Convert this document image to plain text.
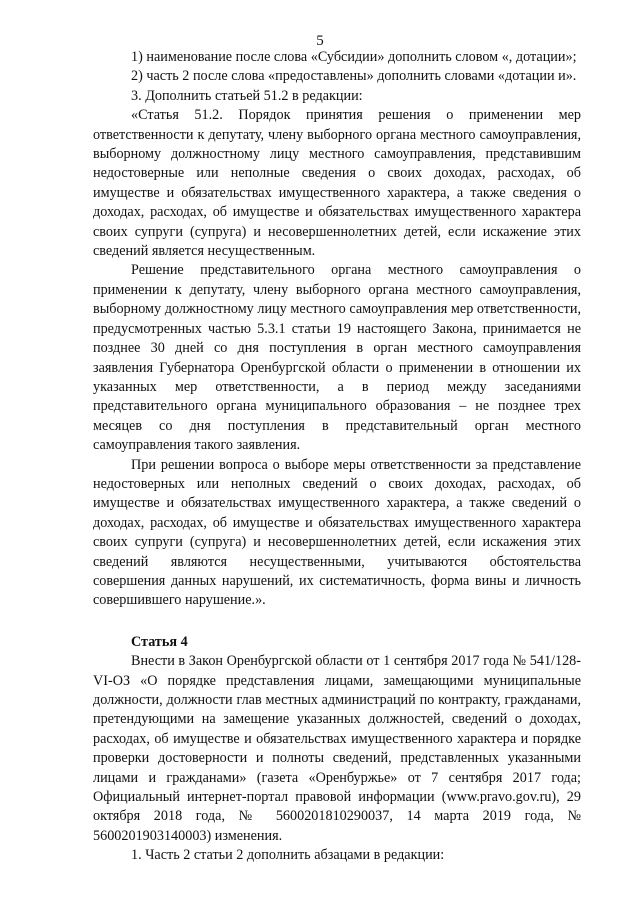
5

1) наименование после слова «Субсидии» дополнить словом «, дотации»;

2) часть 2 после слова «предоставлены» дополнить словами «дотации и».

3. Дополнить статьей 51.2 в редакции:

«Статья 51.2. Порядок принятия решения о применении мер ответственности к депутату, члену выборного органа местного самоуправления, выборному должностному лицу местного самоуправления, представившим недостоверные или неполные сведения о своих доходах, расходах, об имуществе и обязательствах имущественного характера, а также сведения о доходах, расходах, об имуществе и обязательствах имущественного характера своих супруги (супруга) и несовершеннолетних детей, если искажение этих сведений является несущественным.

Решение представительного органа местного самоуправления о применении к депутату, члену выборного органа местного самоуправления, выборному должностному лицу местного самоуправления мер ответственности, предусмотренных частью 5.3.1 статьи 19 настоящего Закона, принимается не позднее 30 дней со дня поступления в орган местного самоуправления заявления Губернатора Оренбургской области о применении в отношении их указанных мер ответственности, а в период между заседаниями представительного органа муниципального образования – не позднее трех месяцев со дня поступления в представительный орган местного самоуправления такого заявления.

При решении вопроса о выборе меры ответственности за представление недостоверных или неполных сведений о своих доходах, расходах, об имуществе и обязательствах имущественного характера, а также сведений о доходах, расходах, об имуществе и обязательствах имущественного характера своих супруги (супруга) и несовершеннолетних детей, если искажения этих сведений являются несущественными, учитываются обстоятельства совершения данных нарушений, их систематичность, форма вины и личность совершившего нарушение.».

Статья 4

Внести в Закон Оренбургской области от 1 сентября 2017 года № 541/128-VI-ОЗ «О порядке представления лицами, замещающими муниципальные должности, должности глав местных администраций по контракту, гражданами, претендующими на замещение указанных должностей, сведений о доходах, расходах, об имуществе и обязательствах имущественного характера и порядке проверки достоверности и полноты сведений, представленных указанными лицами и гражданами» (газета «Оренбуржье» от 7 сентября 2017 года; Официальный интернет-портал правовой информации (www.pravo.gov.ru), 29 октября 2018 года, № 5600201810290037, 14 марта 2019 года, № 5600201903140003) изменения.

1. Часть 2 статьи 2 дополнить абзацами в редакции:
